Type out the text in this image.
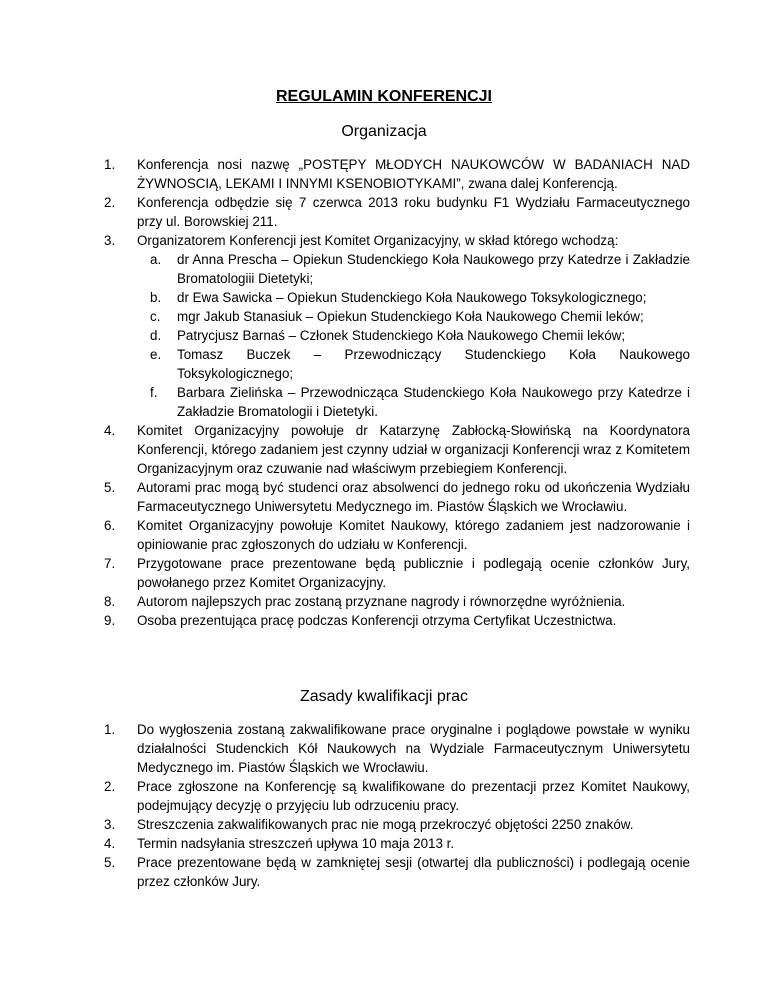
REGULAMIN KONFERENCJI
Organizacja
1. Konferencja nosi nazwę „POSTĘPY MŁODYCH NAUKOWCÓW W BADANIACH NAD ŻYWNOSCIĄ, LEKAMI I INNYMI KSENOBIOTYKAMI”, zwana dalej Konferencją.
2. Konferencja odbędzie się 7 czerwca 2013 roku budynku F1 Wydziału Farmaceutycznego przy ul. Borowskiej 211.
3. Organizatorem Konferencji jest Komitet Organizacyjny, w skład którego wchodzą:
a. dr Anna Prescha – Opiekun Studenckiego Koła Naukowego przy Katedrze i Zakładzie Bromatologiii Dietetyki;
b. dr Ewa Sawicka – Opiekun Studenckiego Koła Naukowego Toksykologicznego;
c. mgr Jakub Stanasiuk – Opiekun Studenckiego Koła Naukowego Chemii leków;
d. Patrycjusz Barnaś – Członek Studenckiego Koła Naukowego Chemii leków;
e. Tomasz Buczek – Przewodniczący Studenckiego Koła Naukowego Toksykologicznego;
f. Barbara Zielińska – Przewodnicząca Studenckiego Koła Naukowego przy Katedrze i Zakładzie Bromatologii i Dietetyki.
4. Komitet Organizacyjny powołuje dr Katarzynę Zabłocką-Słowińską na Koordynatora Konferencji, którego zadaniem jest czynny udział w organizacji Konferencji wraz z Komitetem Organizacyjnym oraz czuwanie nad właściwym przebiegiem Konferencji.
5. Autorami prac mogą być studenci oraz absolwenci do jednego roku od ukończenia Wydziału Farmaceutycznego Uniwersytetu Medycznego im. Piastów Śląskich we Wrocławiu.
6. Komitet Organizacyjny powołuje Komitet Naukowy, którego zadaniem jest nadzorowanie i opiniowanie prac zgłoszonych do udziału w Konferencji.
7. Przygotowane prace prezentowane będą publicznie i podlegają ocenie członków Jury, powołanego przez Komitet Organizacyjny.
8. Autorom najlepszych prac zostaną przyznane nagrody i równorzędne wyróżnienia.
9. Osoba prezentująca pracę podczas Konferencji otrzyma Certyfikat Uczestnictwa.
Zasady kwalifikacji prac
1. Do wygłoszenia zostaną zakwalifikowane prace oryginalne i poglądowe powstałe w wyniku działalności Studenckich Kół Naukowych na Wydziale Farmaceutycznym Uniwersytetu Medycznego im. Piastów Śląskich we Wrocławiu.
2. Prace zgłoszone na Konferencję są kwalifikowane do prezentacji przez Komitet Naukowy, podejmujący decyzję o przyjęciu lub odrzuceniu pracy.
3. Streszczenia zakwalifikowanych prac nie mogą przekroczyć objętości 2250 znaków.
4. Termin nadsyłania streszczeń upływa 10 maja 2013 r.
5. Prace prezentowane będą w zamkniętej sesji (otwartej dla publiczności) i podlegają ocenie przez członków Jury.
